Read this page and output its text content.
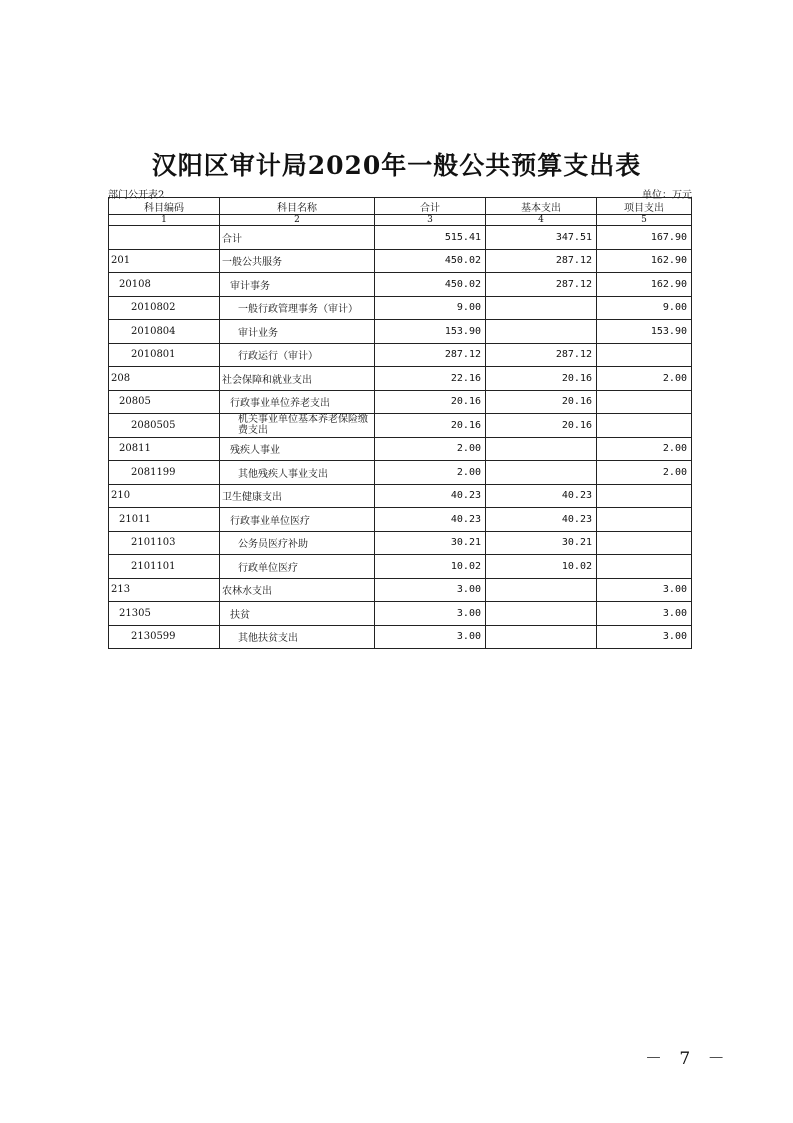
汉阳区审计局2020年一般公共预算支出表
部门公开表2	单位：万元
科目编码	科目名称	合计	基本支出	项目支出
1	2	3	4	5
	合计	515.41	347.51	167.90
201	一般公共服务	450.02	287.12	162.90
20108	审计事务	450.02	287.12	162.90
2010802	一般行政管理事务（审计）	9.00		9.00
2010804	审计业务	153.90		153.90
2010801	行政运行（审计）	287.12	287.12	
208	社会保障和就业支出	22.16	20.16	2.00
20805	行政事业单位养老支出	20.16	20.16	
2080505	机关事业单位基本养老保险缴费支出	20.16	20.16	
20811	残疾人事业	2.00		2.00
2081199	其他残疾人事业支出	2.00		2.00
210	卫生健康支出	40.23	40.23	
21011	行政事业单位医疗	40.23	40.23	
2101103	公务员医疗补助	30.21	30.21	
2101101	行政单位医疗	10.02	10.02	
213	农林水支出	3.00		3.00
21305	扶贫	3.00		3.00
2130599	其他扶贫支出	3.00		3.00
－ 7 －
